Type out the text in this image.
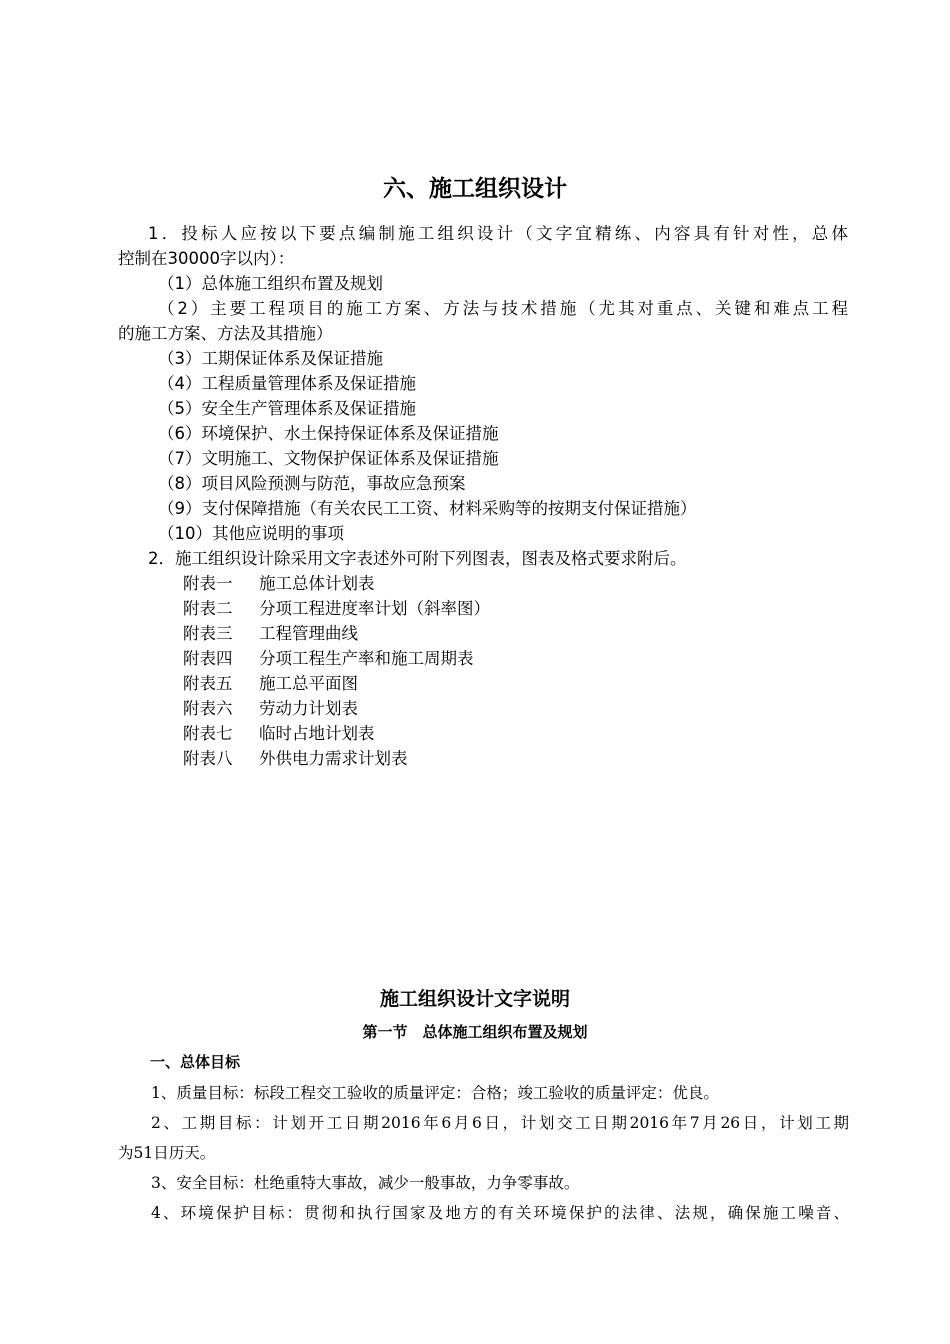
六、施工组织设计
1．投标人应按以下要点编制施工组织设计（文字宜精练、内容具有针对性，总体
控制在30000字以内）：
（1）总体施工组织布置及规划
（2）主要工程项目的施工方案、方法与技术措施（尤其对重点、关键和难点工程
的施工方案、方法及其措施）
（3）工期保证体系及保证措施
（4）工程质量管理体系及保证措施
（5）安全生产管理体系及保证措施
（6）环境保护、水土保持保证体系及保证措施
（7）文明施工、文物保护保证体系及保证措施
（8）项目风险预测与防范，事故应急预案
（9）支付保障措施（有关农民工工资、材料采购等的按期支付保证措施）
（10）其他应说明的事项
2．施工组织设计除采用文字表述外可附下列图表，图表及格式要求附后。
附表一 施工总体计划表
附表二 分项工程进度率计划（斜率图）
附表三 工程管理曲线
附表四 分项工程生产率和施工周期表
附表五 施工总平面图
附表六 劳动力计划表
附表七 临时占地计划表
附表八 外供电力需求计划表
施工组织设计文字说明
第一节　总体施工组织布置及规划
一、总体目标
1、质量目标：标段工程交工验收的质量评定：合格；竣工验收的质量评定：优良。
2、工期目标：计划开工日期2016年6月6日，计划交工日期2016年7月26日，计划工期
为51日历天。
3、安全目标：杜绝重特大事故，减少一般事故，力争零事故。
4、环境保护目标：贯彻和执行国家及地方的有关环境保护的法律、法规，确保施工噪音、
